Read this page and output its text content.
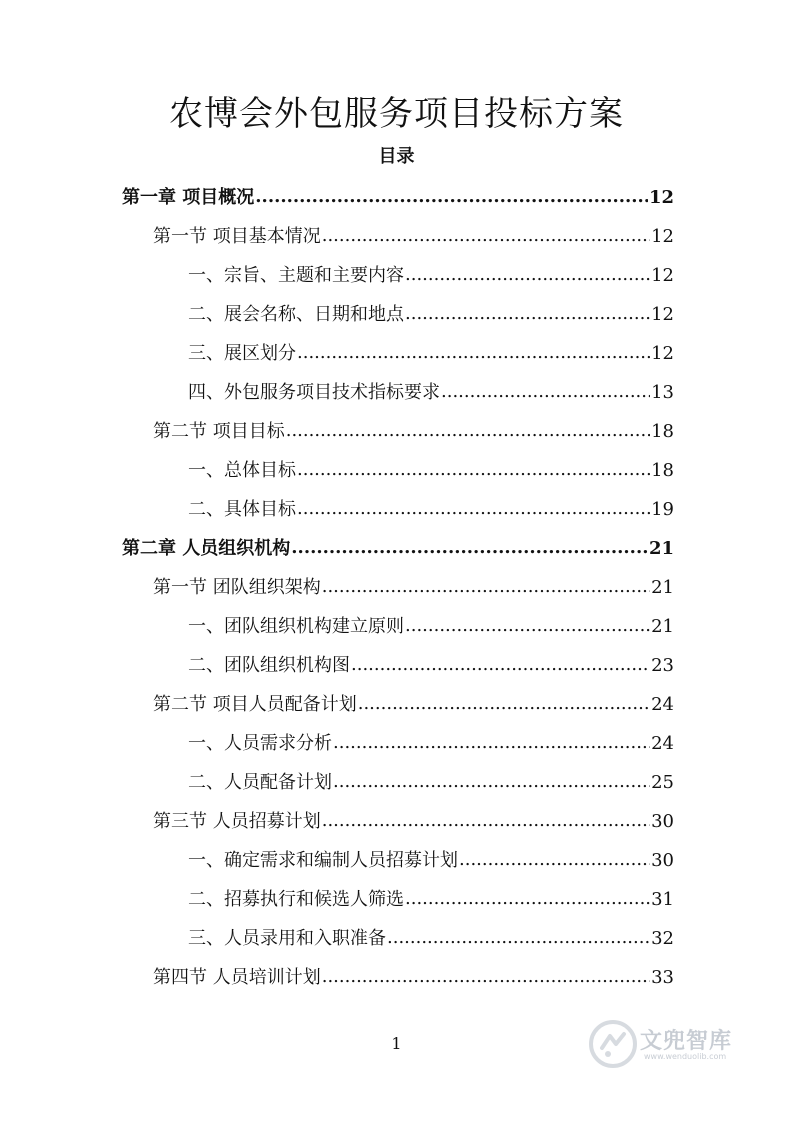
农博会外包服务项目投标方案
目录
第一章 项目概况 .....	12
第一节 项目基本情况 .....	12
一、宗旨、主题和主要内容 .....	12
二、展会名称、日期和地点 .....	12
三、展区划分 .....	12
四、外包服务项目技术指标要求 .....	13
第二节 项目目标 .....	18
一、总体目标 .....	18
二、具体目标 .....	19
第二章 人员组织机构 .....	21
第一节 团队组织架构 .....	21
一、团队组织机构建立原则 .....	21
二、团队组织机构图 .....	23
第二节 项目人员配备计划 .....	24
一、人员需求分析 .....	24
二、人员配备计划 .....	25
第三节 人员招募计划 .....	30
一、确定需求和编制人员招募计划 .....	30
二、招募执行和候选人筛选 .....	31
三、人员录用和入职准备 .....	32
第四节 人员培训计划 .....	33
1	文兜智库
www.wenduolib.com
